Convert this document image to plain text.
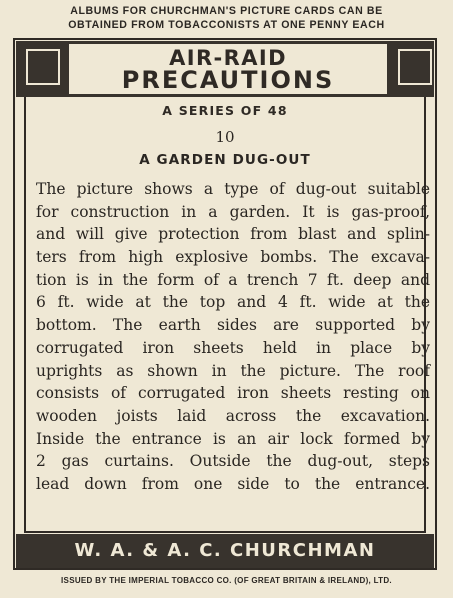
ALBUMS FOR CHURCHMAN'S PICTURE CARDS CAN BE
OBTAINED FROM TOBACCONISTS AT ONE PENNY EACH
AIR-RAID
PRECAUTIONS
A SERIES OF 48
10
A GARDEN DUG-OUT
The picture shows a type of dug-out suitable
for construction in a garden. It is gas-proof,
and will give protection from blast and splin-
ters from high explosive bombs. The excava-
tion is in the form of a trench 7 ft. deep and
6 ft. wide at the top and 4 ft. wide at the
bottom. The earth sides are supported by
corrugated iron sheets held in place by
uprights as shown in the picture. The roof
consists of corrugated iron sheets resting on
wooden joists laid across the excavation.
Inside the entrance is an air lock formed by
2 gas curtains. Outside the dug-out, steps
lead down from one side to the entrance.
W. A. & A. C. CHURCHMAN
ISSUED BY THE IMPERIAL TOBACCO CO. (OF GREAT BRITAIN & IRELAND), LTD.
